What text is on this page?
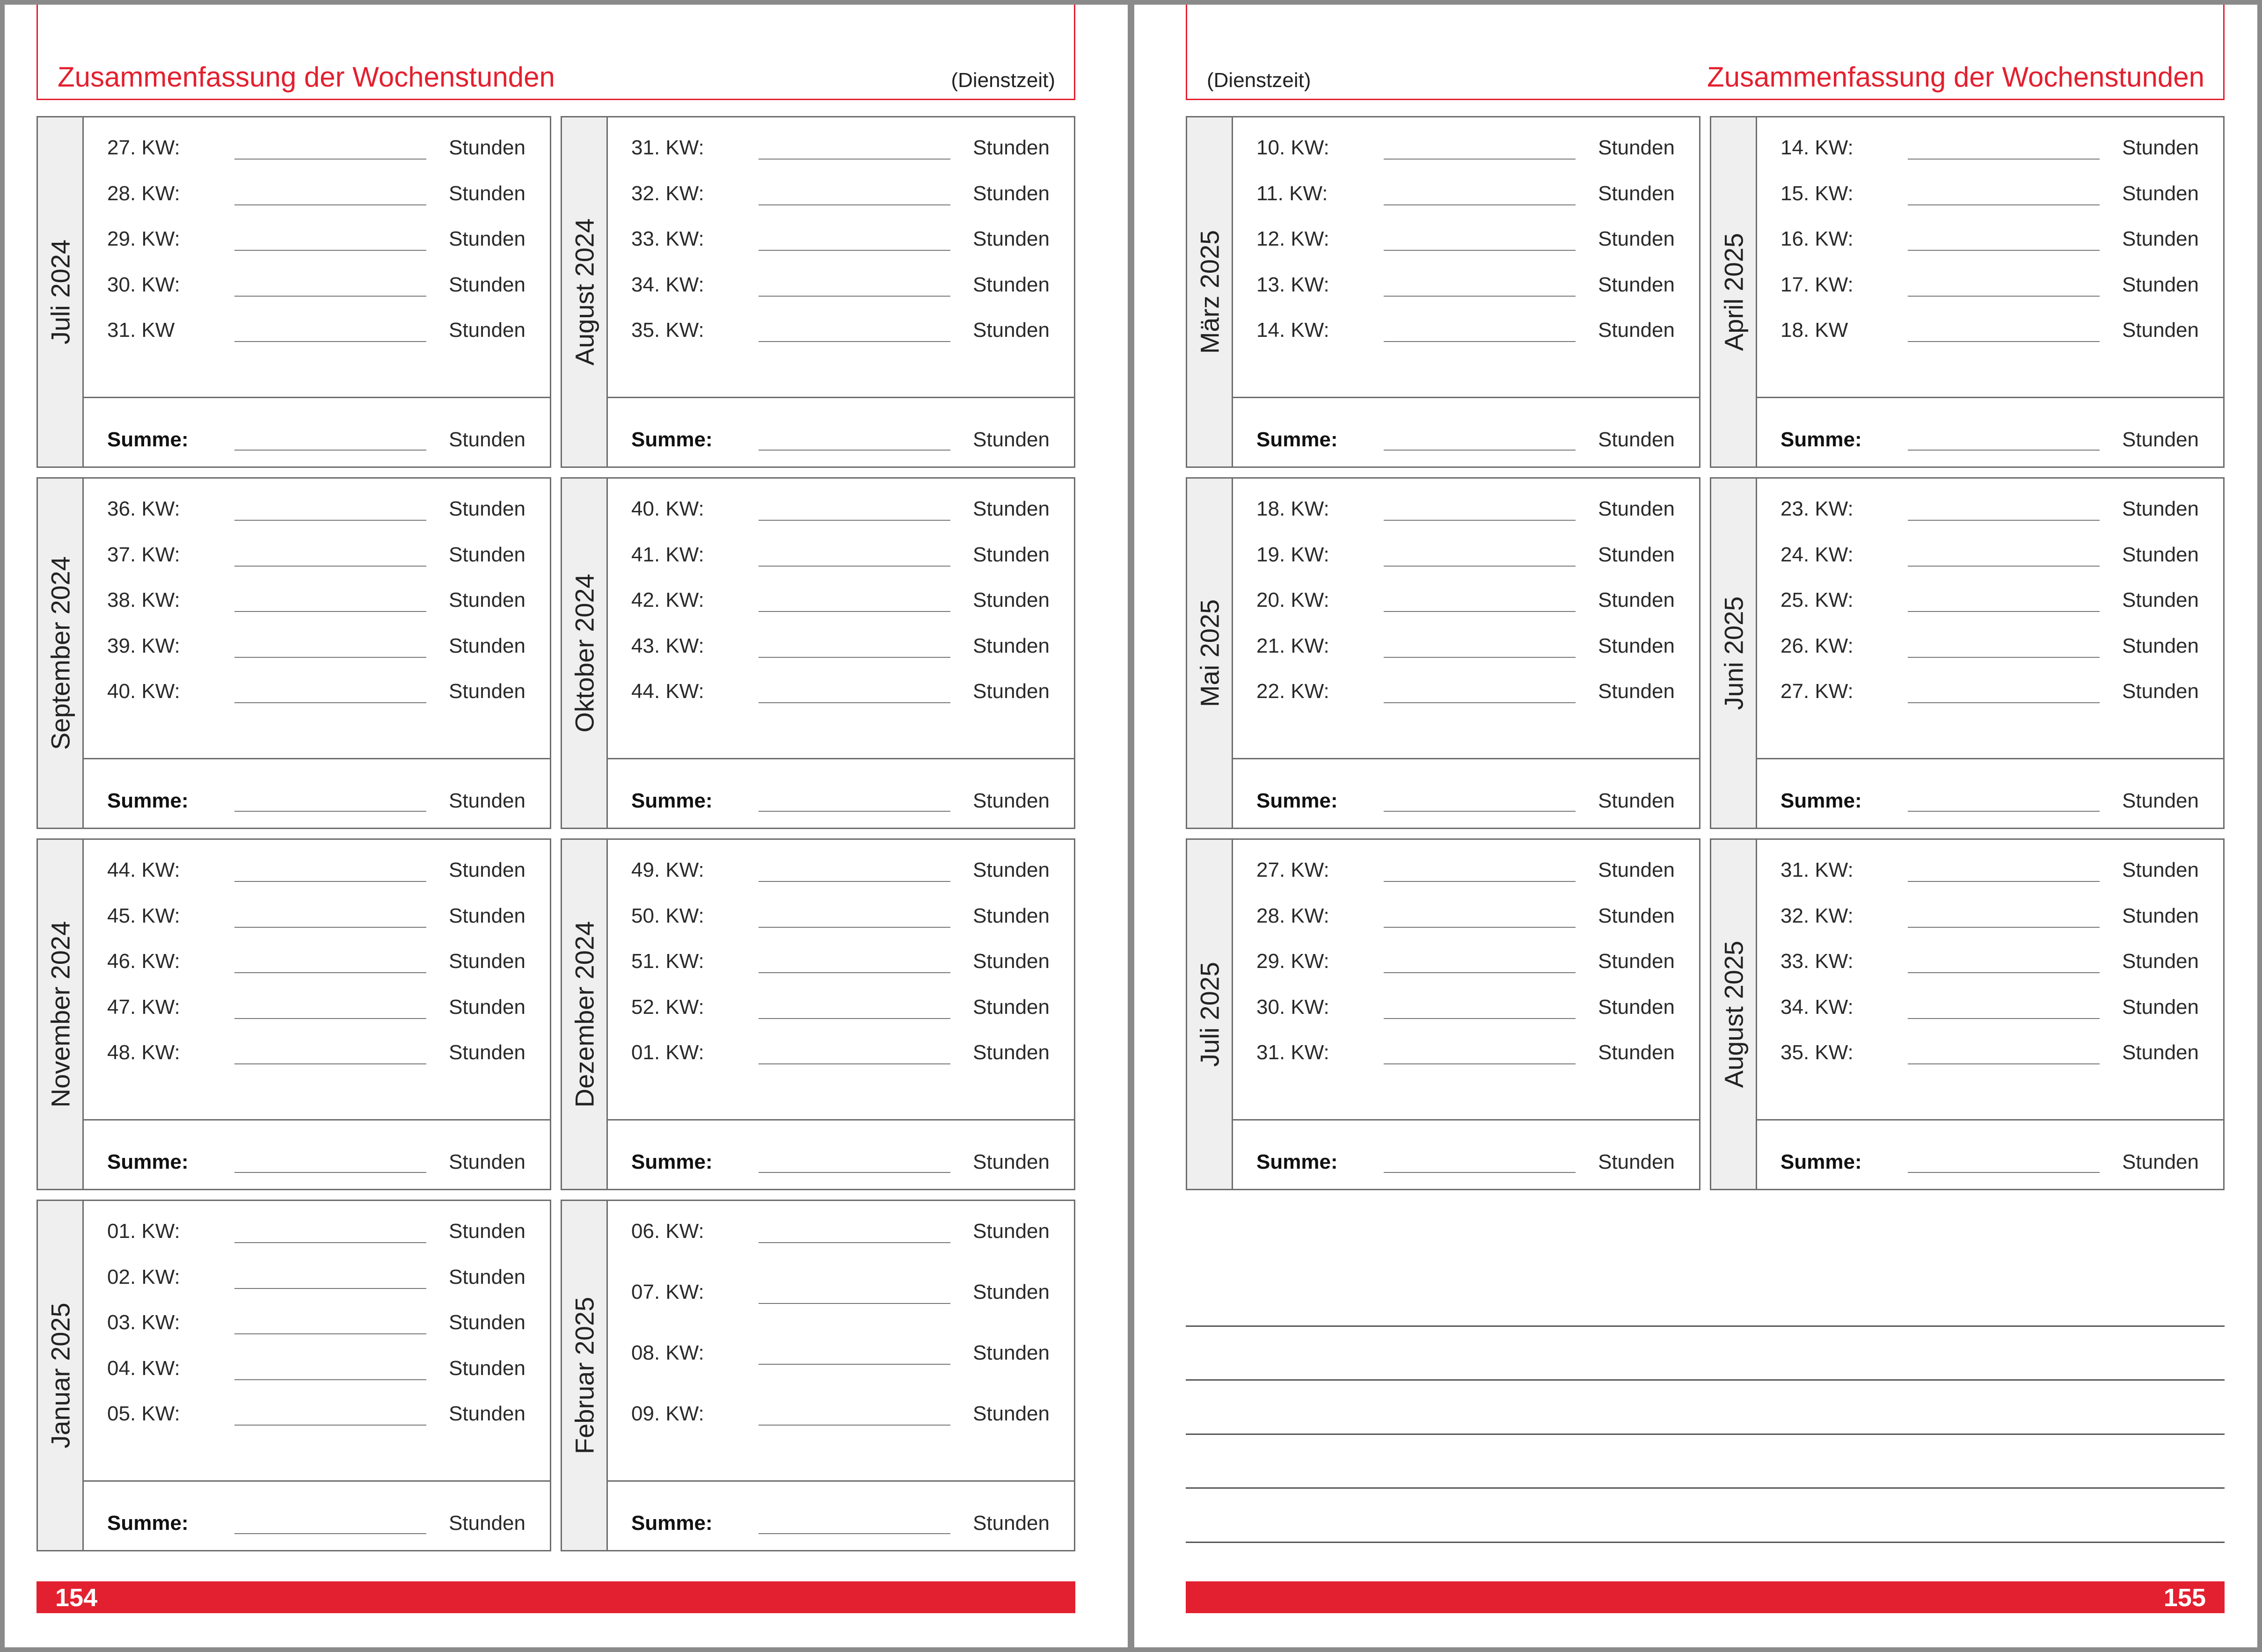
Zusammenfassung der Wochenstunden	(Dienstzeit)
Juli 2024
27. KW:	Stunden
28. KW:	Stunden
29. KW:	Stunden
30. KW:	Stunden
31. KW	Stunden
Summe:	Stunden
August 2024
31. KW:	Stunden
32. KW:	Stunden
33. KW:	Stunden
34. KW:	Stunden
35. KW:	Stunden
Summe:	Stunden
September 2024
36. KW:	Stunden
37. KW:	Stunden
38. KW:	Stunden
39. KW:	Stunden
40. KW:	Stunden
Summe:	Stunden
Oktober 2024
40. KW:	Stunden
41. KW:	Stunden
42. KW:	Stunden
43. KW:	Stunden
44. KW:	Stunden
Summe:	Stunden
November 2024
44. KW:	Stunden
45. KW:	Stunden
46. KW:	Stunden
47. KW:	Stunden
48. KW:	Stunden
Summe:	Stunden
Dezember 2024
49. KW:	Stunden
50. KW:	Stunden
51. KW:	Stunden
52. KW:	Stunden
01. KW:	Stunden
Summe:	Stunden
Januar 2025
01. KW:	Stunden
02. KW:	Stunden
03. KW:	Stunden
04. KW:	Stunden
05. KW:	Stunden
Summe:	Stunden
Februar 2025
06. KW:	Stunden
07. KW:	Stunden
08. KW:	Stunden
09. KW:	Stunden
Summe:	Stunden
154
(Dienstzeit)	Zusammenfassung der Wochenstunden
März 2025
10. KW:	Stunden
11. KW:	Stunden
12. KW:	Stunden
13. KW:	Stunden
14. KW:	Stunden
Summe:	Stunden
April 2025
14. KW:	Stunden
15. KW:	Stunden
16. KW:	Stunden
17. KW:	Stunden
18. KW	Stunden
Summe:	Stunden
Mai 2025
18. KW:	Stunden
19. KW:	Stunden
20. KW:	Stunden
21. KW:	Stunden
22. KW:	Stunden
Summe:	Stunden
Juni 2025
23. KW:	Stunden
24. KW:	Stunden
25. KW:	Stunden
26. KW:	Stunden
27. KW:	Stunden
Summe:	Stunden
Juli 2025
27. KW:	Stunden
28. KW:	Stunden
29. KW:	Stunden
30. KW:	Stunden
31. KW:	Stunden
Summe:	Stunden
August 2025
31. KW:	Stunden
32. KW:	Stunden
33. KW:	Stunden
34. KW:	Stunden
35. KW:	Stunden
Summe:	Stunden
155
